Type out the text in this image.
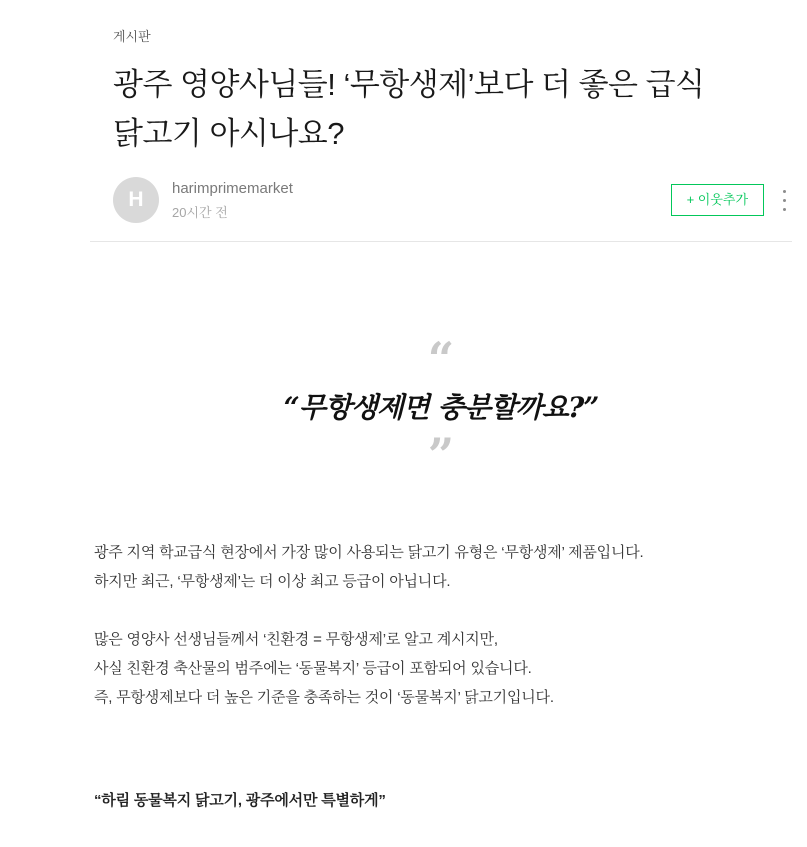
게시판
광주 영양사님들! ‘무항생제’보다 더 좋은 급식 닭고기 아시나요?
H	harimprimemarket
20시간 전
+ 이웃추가
“
“무항생제면 충분할까요?”
”
광주 지역 학교급식 현장에서 가장 많이 사용되는 닭고기 유형은 ‘무항생제’ 제품입니다.
하지만 최근, ‘무항생제’는 더 이상 최고 등급이 아닙니다.
많은 영양사 선생님들께서 ‘친환경 = 무항생제’로 알고 계시지만,
사실 친환경 축산물의 범주에는 ‘동물복지’ 등급이 포함되어 있습니다.
즉, 무항생제보다 더 높은 기준을 충족하는 것이 ‘동물복지’ 닭고기입니다.
“하림 동물복지 닭고기, 광주에서만 특별하게”
